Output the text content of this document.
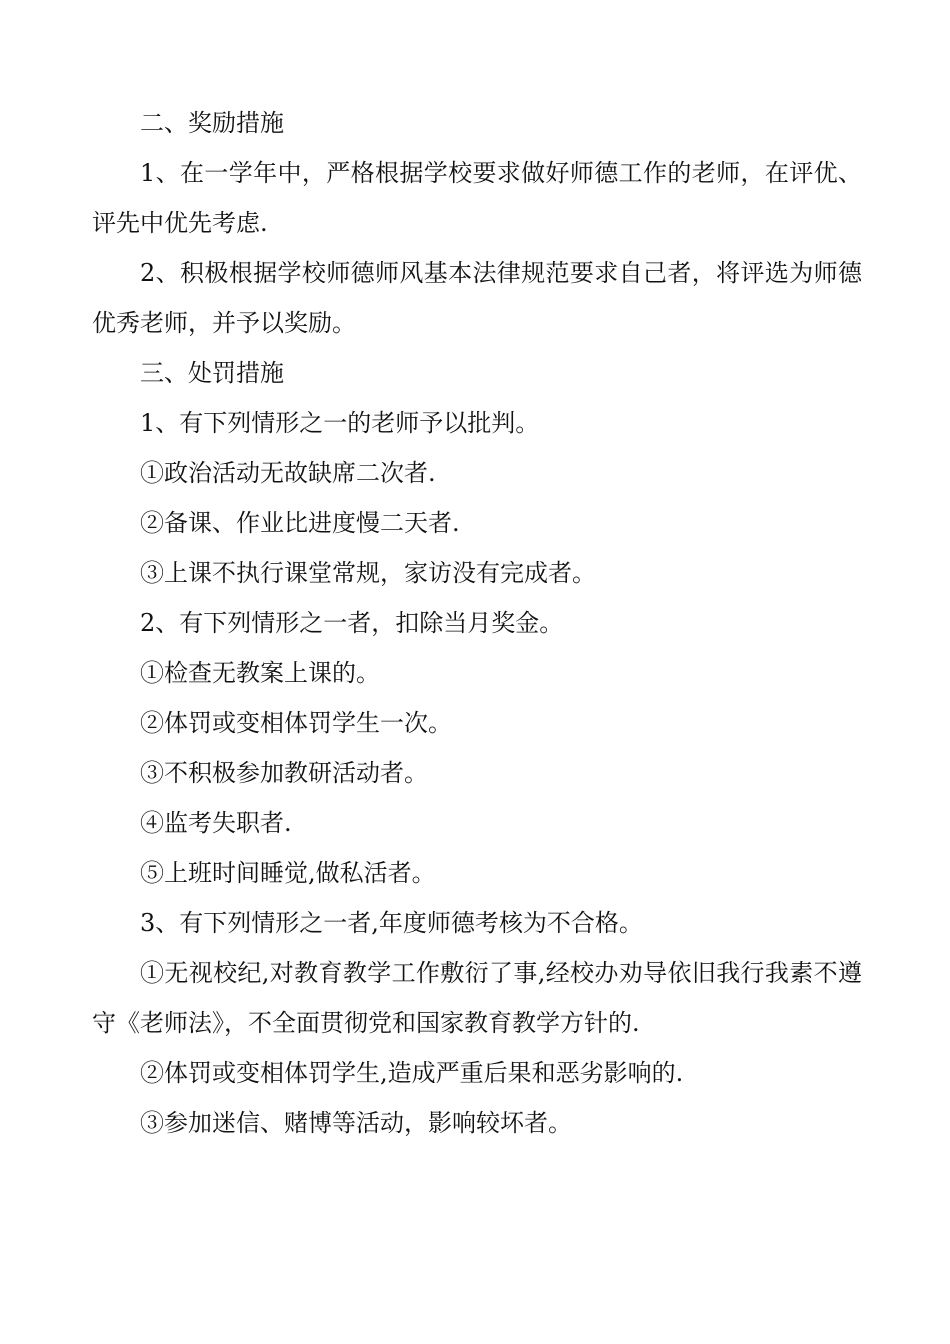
二、奖励措施

1、在一学年中，严格根据学校要求做好师德工作的老师，在评优、评先中优先考虑.

2、积极根据学校师德师风基本法律规范要求自己者，将评选为师德优秀老师，并予以奖励。

三、处罚措施

1、有下列情形之一的老师予以批判。

①政治活动无故缺席二次者.

②备课、作业比进度慢二天者.

③上课不执行课堂常规，家访没有完成者。

2、有下列情形之一者，扣除当月奖金。

①检查无教案上课的。

②体罚或变相体罚学生一次。

③不积极参加教研活动者。

④监考失职者.

⑤上班时间睡觉,做私活者。

3、有下列情形之一者,年度师德考核为不合格。

①无视校纪,对教育教学工作敷衍了事,经校办劝导依旧我行我素不遵守《老师法》，不全面贯彻党和国家教育教学方针的.

②体罚或变相体罚学生,造成严重后果和恶劣影响的.

③参加迷信、赌博等活动，影响较坏者。
